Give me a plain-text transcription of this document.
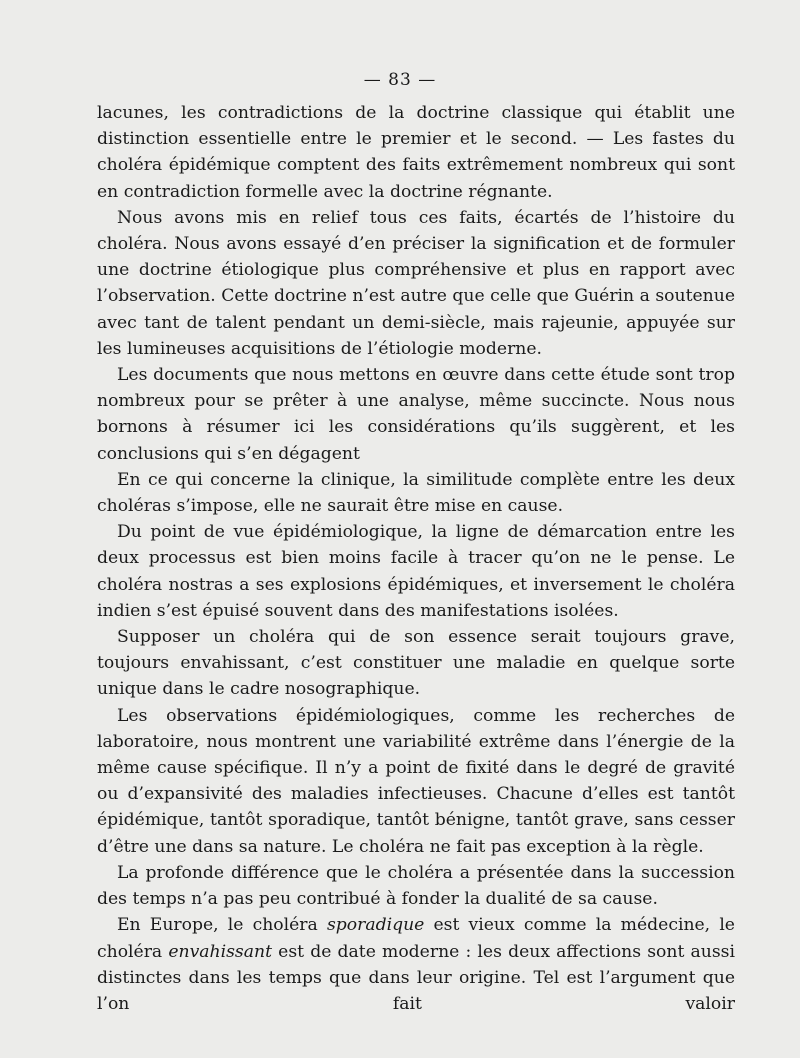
— 83 —

lacunes, les contradictions de la doctrine classique qui établit une distinction essentielle entre le premier et le second. — Les fastes du choléra épidémique comptent des faits extrêmement nombreux qui sont en contradiction formelle avec la doctrine régnante.

Nous avons mis en relief tous ces faits, écartés de l’histoire du choléra. Nous avons essayé d’en préciser la signification et de formuler une doctrine étiologique plus compréhensive et plus en rapport avec l’observation. Cette doctrine n’est autre que celle que Guérin a soutenue avec tant de talent pendant un demi-siècle, mais rajeunie, appuyée sur les lumineuses acquisitions de l’étiologie moderne.

Les documents que nous mettons en œuvre dans cette étude sont trop nombreux pour se prêter à une analyse, même succincte. Nous nous bornons à résumer ici les considérations qu’ils suggèrent, et les conclusions qui s’en dégagent

En ce qui concerne la clinique, la similitude complète entre les deux choléras s’impose, elle ne saurait être mise en cause.

Du point de vue épidémiologique, la ligne de démarcation entre les deux processus est bien moins facile à tracer qu’on ne le pense. Le choléra nostras a ses explosions épidémiques, et inversement le choléra indien s’est épuisé souvent dans des manifestations isolées.

Supposer un choléra qui de son essence serait toujours grave, toujours envahissant, c’est constituer une maladie en quelque sorte unique dans le cadre nosographique.

Les observations épidémiologiques, comme les recherches de laboratoire, nous montrent une variabilité extrême dans l’énergie de la même cause spécifique. Il n’y a point de fixité dans le degré de gravité ou d’expansivité des maladies infectieuses. Chacune d’elles est tantôt épidémique, tantôt sporadique, tantôt bénigne, tantôt grave, sans cesser d’être une dans sa nature. Le choléra ne fait pas exception à la règle.

La profonde différence que le choléra a présentée dans la succession des temps n’a pas peu contribué à fonder la dualité de sa cause.

En Europe, le choléra sporadique est vieux comme la médecine, le choléra envahissant est de date moderne : les deux affections sont aussi distinctes dans les temps que dans leur origine. Tel est l’argument que l’on fait valoir
